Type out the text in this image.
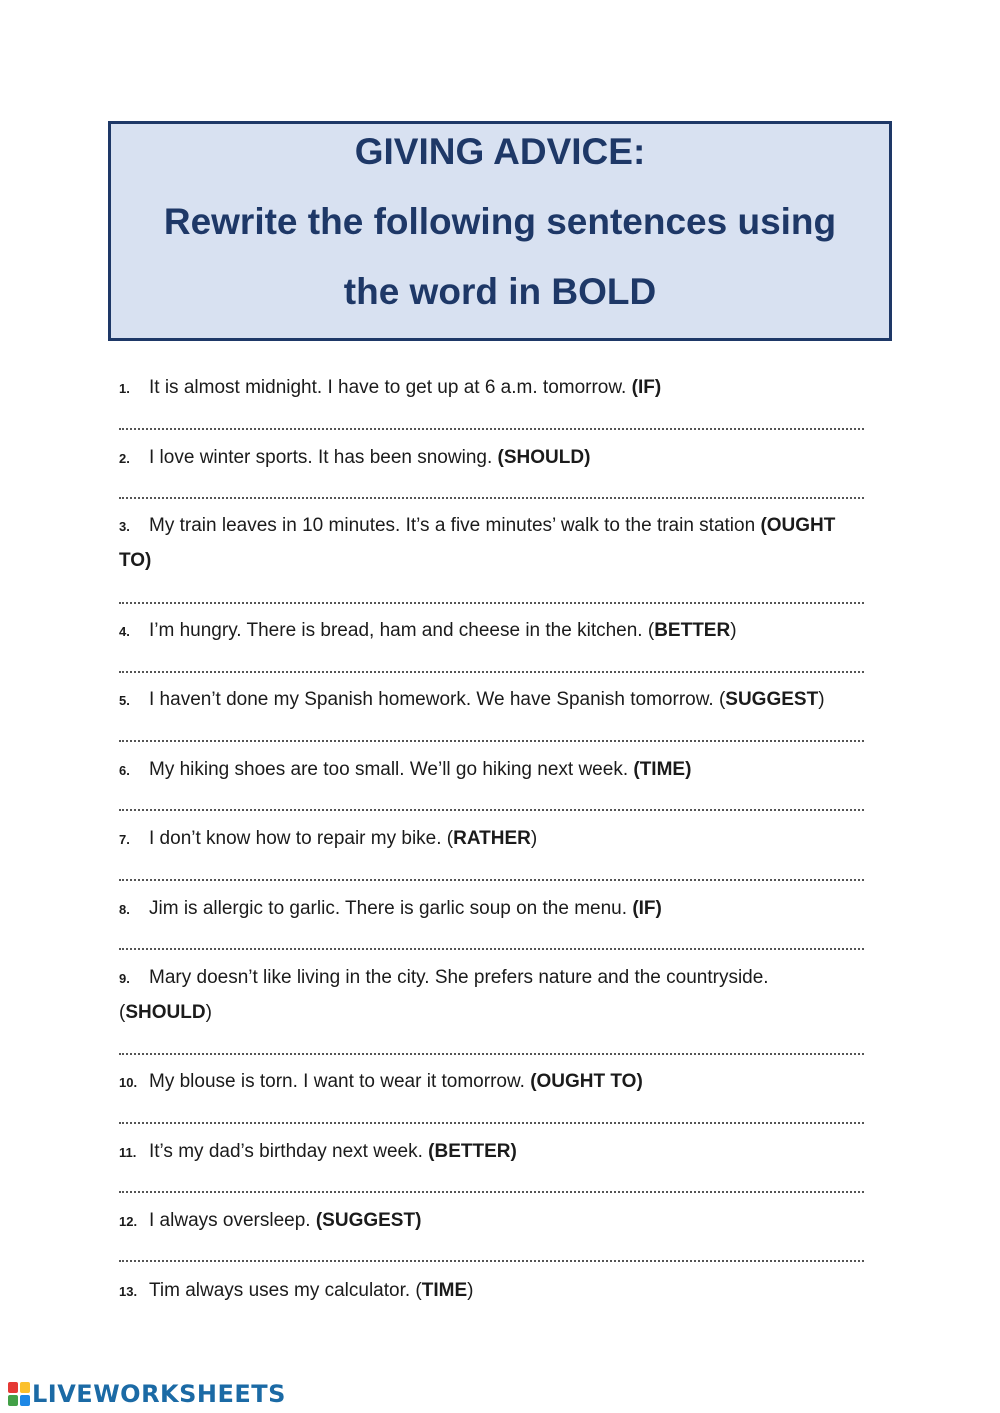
GIVING ADVICE:
Rewrite the following sentences using
the word in BOLD
1. It is almost midnight. I have to get up at 6 a.m. tomorrow. (IF)
2. I love winter sports. It has been snowing. (SHOULD)
3. My train leaves in 10 minutes. It’s a five minutes’ walk to the train station (OUGHT
TO)
4. I’m hungry. There is bread, ham and cheese in the kitchen. (BETTER)
5. I haven’t done my Spanish homework. We have Spanish tomorrow. (SUGGEST)
6. My hiking shoes are too small. We’ll go hiking next week. (TIME)
7. I don’t know how to repair my bike. (RATHER)
8. Jim is allergic to garlic. There is garlic soup on the menu. (IF)
9. Mary doesn’t like living in the city. She prefers nature and the countryside.
(SHOULD)
10. My blouse is torn. I want to wear it tomorrow. (OUGHT TO)
11. It’s my dad’s birthday next week. (BETTER)
12. I always oversleep. (SUGGEST)
13. Tim always uses my calculator. (TIME)
LIVEWORKSHEETS
